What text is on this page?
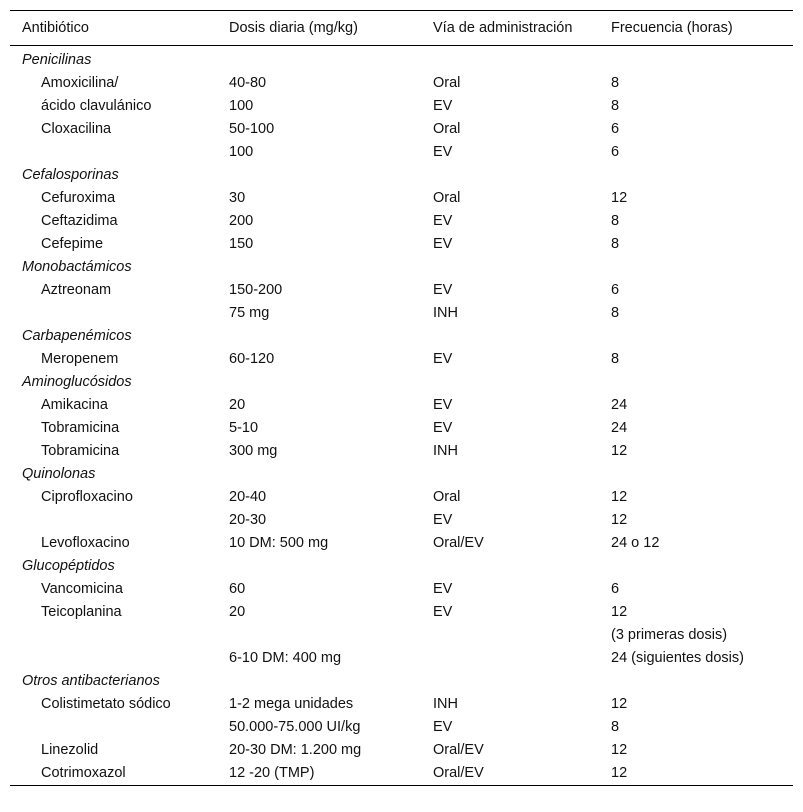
Antibiótico	Dosis diaria (mg/kg)	Vía de administración	Frecuencia (horas)
Penicilinas			
Amoxicilina/	40-80	Oral	8
ácido clavulánico	100	EV	8
Cloxacilina	50-100	Oral	6
	100	EV	6
Cefalosporinas			
Cefuroxima	30	Oral	12
Ceftazidima	200	EV	8
Cefepime	150	EV	8
Monobactámicos			
Aztreonam	150-200	EV	6
	75 mg	INH	8
Carbapenémicos			
Meropenem	60-120	EV	8
Aminoglucósidos			
Amikacina	20	EV	24
Tobramicina	5-10	EV	24
Tobramicina	300 mg	INH	12
Quinolonas			
Ciprofloxacino	20-40	Oral	12
	20-30	EV	12
Levofloxacino	10 DM: 500 mg	Oral/EV	24 o 12
Glucopéptidos			
Vancomicina	60	EV	6
Teicoplanina	20	EV	12
			(3 primeras dosis)
	6-10 DM: 400 mg		24 (siguientes dosis)
Otros antibacterianos			
Colistimetato sódico	1-2 mega unidades	INH	12
	50.000-75.000 UI/kg	EV	8
Linezolid	20-30 DM: 1.200 mg	Oral/EV	12
Cotrimoxazol	12 -20 (TMP)	Oral/EV	12
